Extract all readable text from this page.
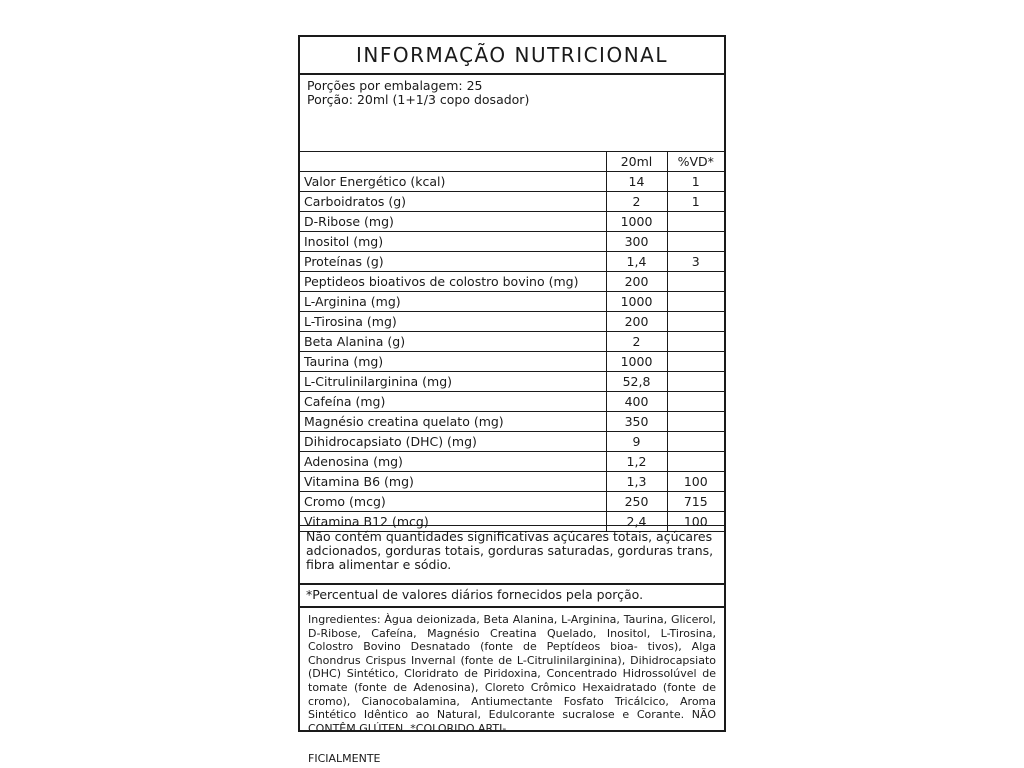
INFORMAÇÃO NUTRICIONAL
Porções por embalagem: 25
Porção: 20ml (1+1/3 copo dosador)
	20ml	%VD*
Valor Energético (kcal)	14	1
Carboidratos (g)	2	1
D-Ribose (mg)	1000	
Inositol (mg)	300	
Proteínas (g)	1,4	3
Peptideos bioativos de colostro bovino (mg)	200	
L-Arginina (mg)	1000	
L-Tirosina (mg)	200	
Beta Alanina (g)	2	
Taurina (mg)	1000	
L-Citrulinilarginina (mg)	52,8	
Cafeína (mg)	400	
Magnésio creatina quelato (mg)	350	
Dihidrocapsiato (DHC) (mg)	9	
Adenosina (mg)	1,2	
Vitamina B6 (mg)	1,3	100
Cromo (mcg)	250	715
Vitamina B12 (mcg)	2,4	100
Não contém quantidades significativas açúcares totais, açúcares adcionados, gorduras totais, gorduras saturadas, gorduras trans, fibra alimentar e sódio.
*Percentual de valores diários fornecidos pela porção.
Ingredientes: Àgua deionizada, Beta Alanina, L-Arginina, Taurina, Glicerol, D-Ribose, Cafeína, Magnésio Creatina Quelado, Inositol, L-Tirosina, Colostro Bovino Desnatado (fonte de Peptídeos bioa- tivos), Alga Chondrus Crispus Invernal (fonte de L-Citrulinilarginina), Dihidrocapsiato (DHC) Sintético, Cloridrato de Piridoxina, Concentrado Hidrossolúvel de tomate (fonte de Adenosina), Cloreto Crômico Hexaidratado (fonte de cromo), Cianocobalamina, Antiumectante Fosfato Tricálcico, Aroma Sintético Idêntico ao Natural, Edulcorante sucralose e Corante. NÃO CONTÊM GLÚTEN. *COLORIDO ARTI-
FICIALMENTE
